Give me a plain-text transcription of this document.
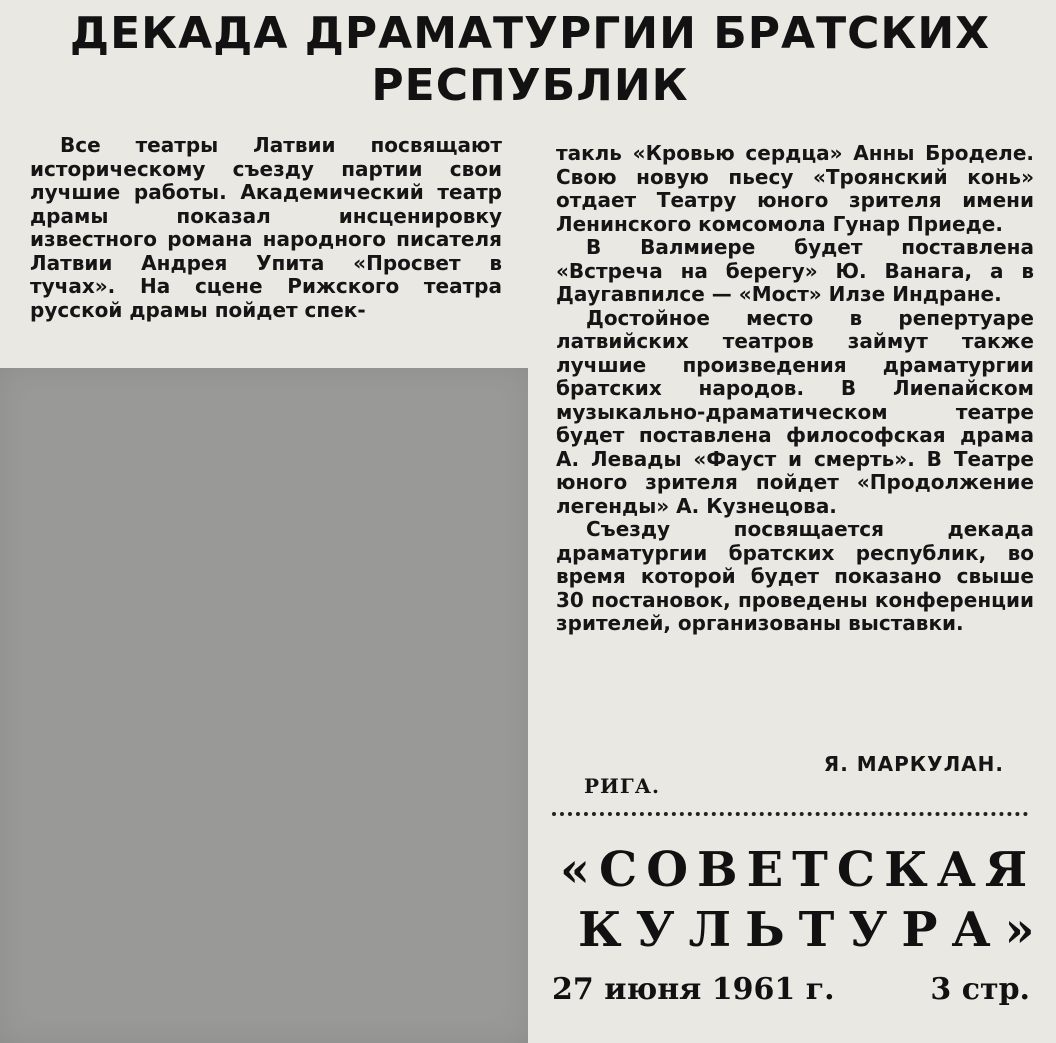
ДЕКАДА ДРАМАТУРГИИ БРАТСКИХ РЕСПУБЛИК

Все театры Латвии посвящают историческому съезду партии свои лучшие работы. Академический театр драмы показал инсценировку известного романа народного писателя Латвии Андрея Упита «Просвет в тучах». На сцене Рижского театра русской драмы пойдет спек-

такль «Кровью сердца» Анны Броделе. Свою новую пьесу «Троянский конь» отдает Театру юного зрителя имени Ленинского комсомола Гунар Приеде.

В Валмиере будет поставлена «Встреча на берегу» Ю. Ванага, а в Даугавпилсе — «Мост» Илзе Индране.

Достойное место в репертуаре латвийских театров займут также лучшие произведения драматургии братских народов. В Лиепайском музыкально-драматическом театре будет поставлена философская драма А. Левады «Фауст и смерть». В Театре юного зрителя пойдет «Продолжение легенды» А. Кузнецова.

Съезду посвящается декада драматургии братских республик, во время которой будет показано свыше 30 постановок, проведены конференции зрителей, организованы выставки.

Я. МАРКУЛАН.
РИГА.
«СОВЕТСКАЯ
КУЛЬТУРА»
27 июня 1961 г.	3 стр.
